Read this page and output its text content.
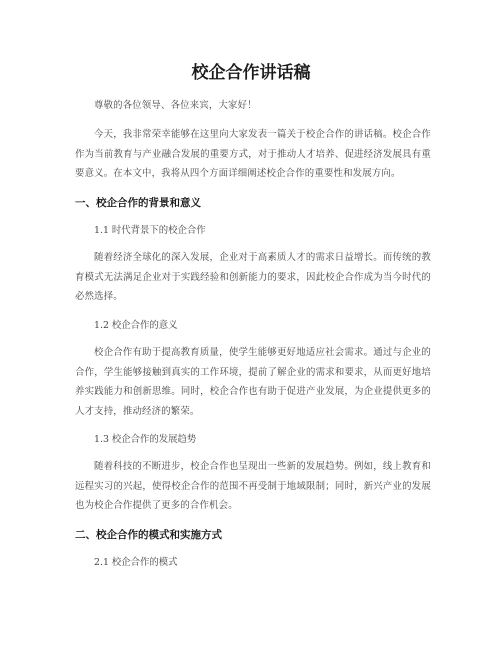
校企合作讲话稿
尊敬的各位领导、各位来宾，大家好！
今天，我非常荣幸能够在这里向大家发表一篇关于校企合作的讲话稿。校企合作作为当前教育与产业融合发展的重要方式，对于推动人才培养、促进经济发展具有重要意义。在本文中，我将从四个方面详细阐述校企合作的重要性和发展方向。
一、校企合作的背景和意义
1.1 时代背景下的校企合作
随着经济全球化的深入发展，企业对于高素质人才的需求日益增长。而传统的教育模式无法满足企业对于实践经验和创新能力的要求，因此校企合作成为当今时代的必然选择。
1.2 校企合作的意义
校企合作有助于提高教育质量，使学生能够更好地适应社会需求。通过与企业的合作，学生能够接触到真实的工作环境，提前了解企业的需求和要求，从而更好地培养实践能力和创新思维。同时，校企合作也有助于促进产业发展，为企业提供更多的人才支持，推动经济的繁荣。
1.3 校企合作的发展趋势
随着科技的不断进步，校企合作也呈现出一些新的发展趋势。例如，线上教育和远程实习的兴起，使得校企合作的范围不再受制于地域限制；同时，新兴产业的发展也为校企合作提供了更多的合作机会。
二、校企合作的模式和实施方式
2.1 校企合作的模式
